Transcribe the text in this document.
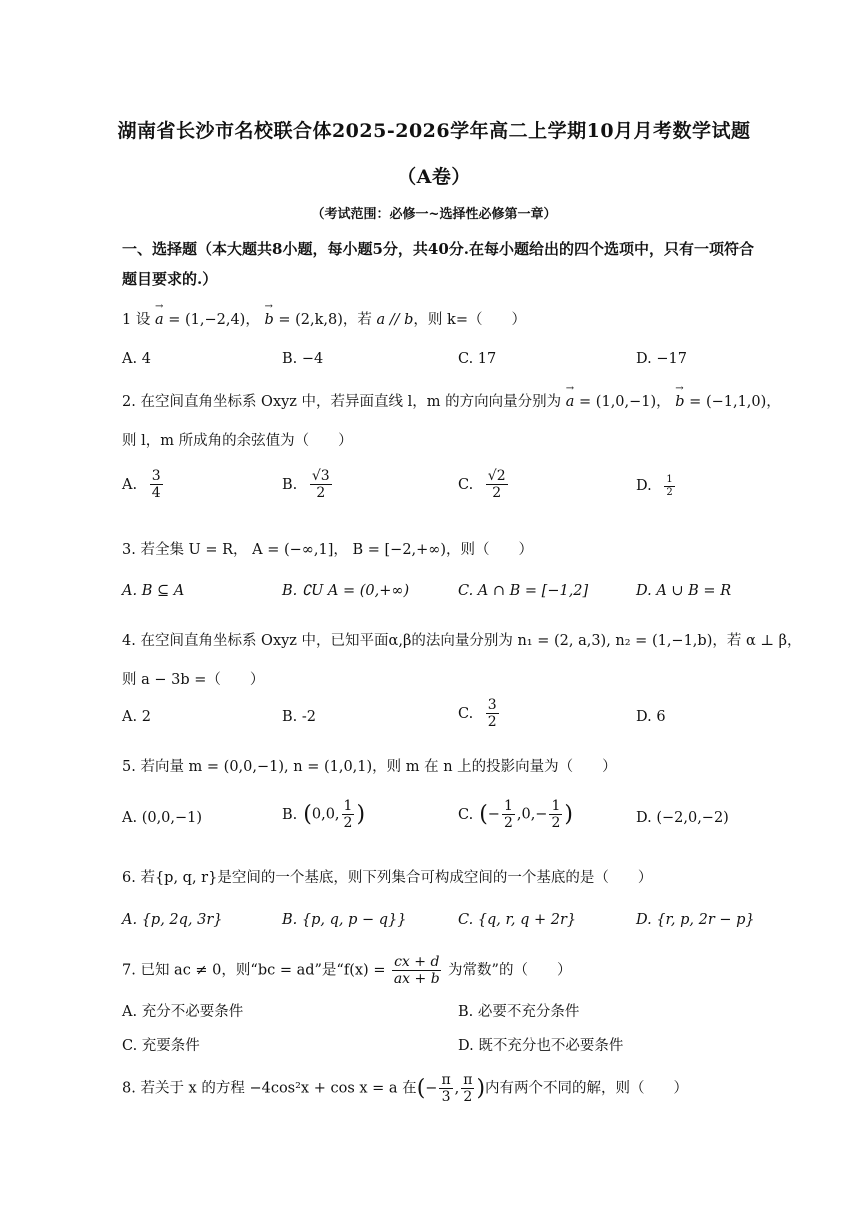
湖南省长沙市名校联合体2025-2026学年高二上学期10月月考数学试题
（A卷）
（考试范围：必修一~选择性必修第一章）
一、选择题（本大题共8小题，每小题5分，共40分.在每小题给出的四个选项中，只有一项符合
题目要求的.）
1 设 → a = (1,−2,4)， → b = (2,k,8)，若 a // b，则 k=（　　）
A. 4	B. −4	C. 17	D. −17
2. 在空间直角坐标系 Oxyz 中，若异面直线 l，m 的方向向量分别为 → a = (1,0,−1)， → b = (−1,1,0)，
则 l，m 所成角的余弦值为（　　）
A. $\frac{3}{4}$	B. $\frac{√3}{2}$	C. $\frac{√2}{2}$	D. $\frac{1}{2}$
3. 若全集 U = R， A = (−∞,1]， B = [−2,+∞)，则（　　）
A. B ⊆ A	B. ∁U A = (0,+∞)	C. A ∩ B = [−1,2]	D. A ∪ B = R
4. 在空间直角坐标系 Oxyz 中，已知平面α,β的法向量分别为 n₁ = (2, a,3), n₂ = (1,−1,b)，若 α ⊥ β，
则 a − 3b =（　　）
A. 2	B. -2	C. $\frac{3}{2}$	D. 6
5. 若向量 m = (0,0,−1), n = (1,0,1)，则 m 在 n 上的投影向量为（　　）
A. (0,0,−1)	B. (0,0, $\frac{1}{2}$ )	C. (− $\frac{1}{2} ,0,- \frac{1}{2}$ )	D. (−2,0,−2)
6. 若{p, q, r}是空间的一个基底，则下列集合可构成空间的一个基底的是（　　）
A. {p, 2q, 3r}	B. {p, q, p − q}}	C. {q, r, q + 2r}	D. {r, p, 2r − p}
7. 已知 ac ≠ 0，则“bc = ad”是“$f(x) = \frac{cx + d}{ax + b}$ 为常数”的（　　）
A. 充分不必要条件	B. 必要不充分条件
C. 充要条件	D. 既不充分也不必要条件
8. 若关于 x 的方程 −4cos²x + cos x = a 在(− $\frac{\pi}{3}$ , $\frac{\pi}{2}$ )内有两个不同的解，则（　　）
